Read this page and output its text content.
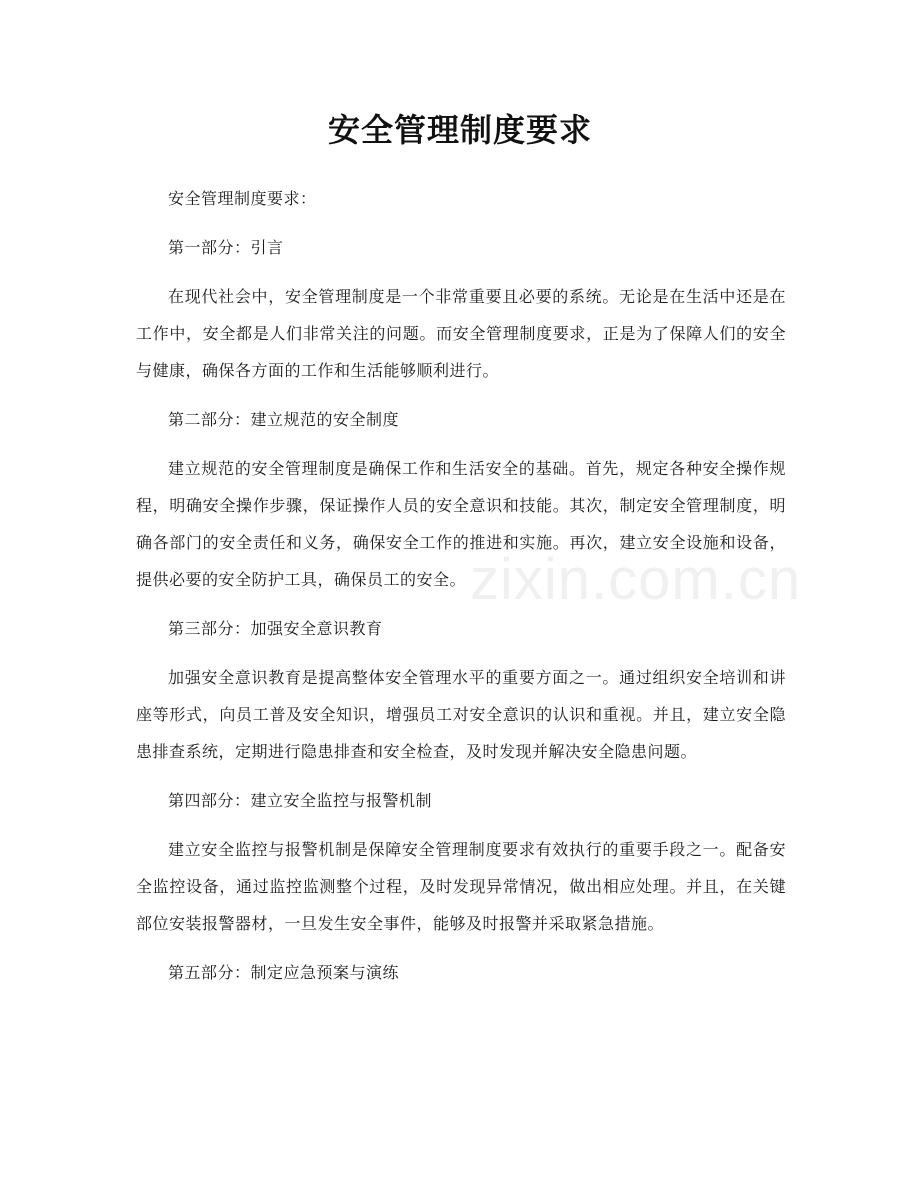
安全管理制度要求

安全管理制度要求：

第一部分：引言

在现代社会中，安全管理制度是一个非常重要且必要的系统。无论是在生活中还是在工作中，安全都是人们非常关注的问题。而安全管理制度要求，正是为了保障人们的安全与健康，确保各方面的工作和生活能够顺利进行。

第二部分：建立规范的安全制度

建立规范的安全管理制度是确保工作和生活安全的基础。首先，规定各种安全操作规程，明确安全操作步骤，保证操作人员的安全意识和技能。其次，制定安全管理制度，明确各部门的安全责任和义务，确保安全工作的推进和实施。再次，建立安全设施和设备，提供必要的安全防护工具，确保员工的安全。

第三部分：加强安全意识教育

加强安全意识教育是提高整体安全管理水平的重要方面之一。通过组织安全培训和讲座等形式，向员工普及安全知识，增强员工对安全意识的认识和重视。并且，建立安全隐患排查系统，定期进行隐患排查和安全检查，及时发现并解决安全隐患问题。

第四部分：建立安全监控与报警机制

建立安全监控与报警机制是保障安全管理制度要求有效执行的重要手段之一。配备安全监控设备，通过监控监测整个过程，及时发现异常情况，做出相应处理。并且，在关键部位安装报警器材，一旦发生安全事件，能够及时报警并采取紧急措施。

第五部分：制定应急预案与演练

zixin.com.cn
